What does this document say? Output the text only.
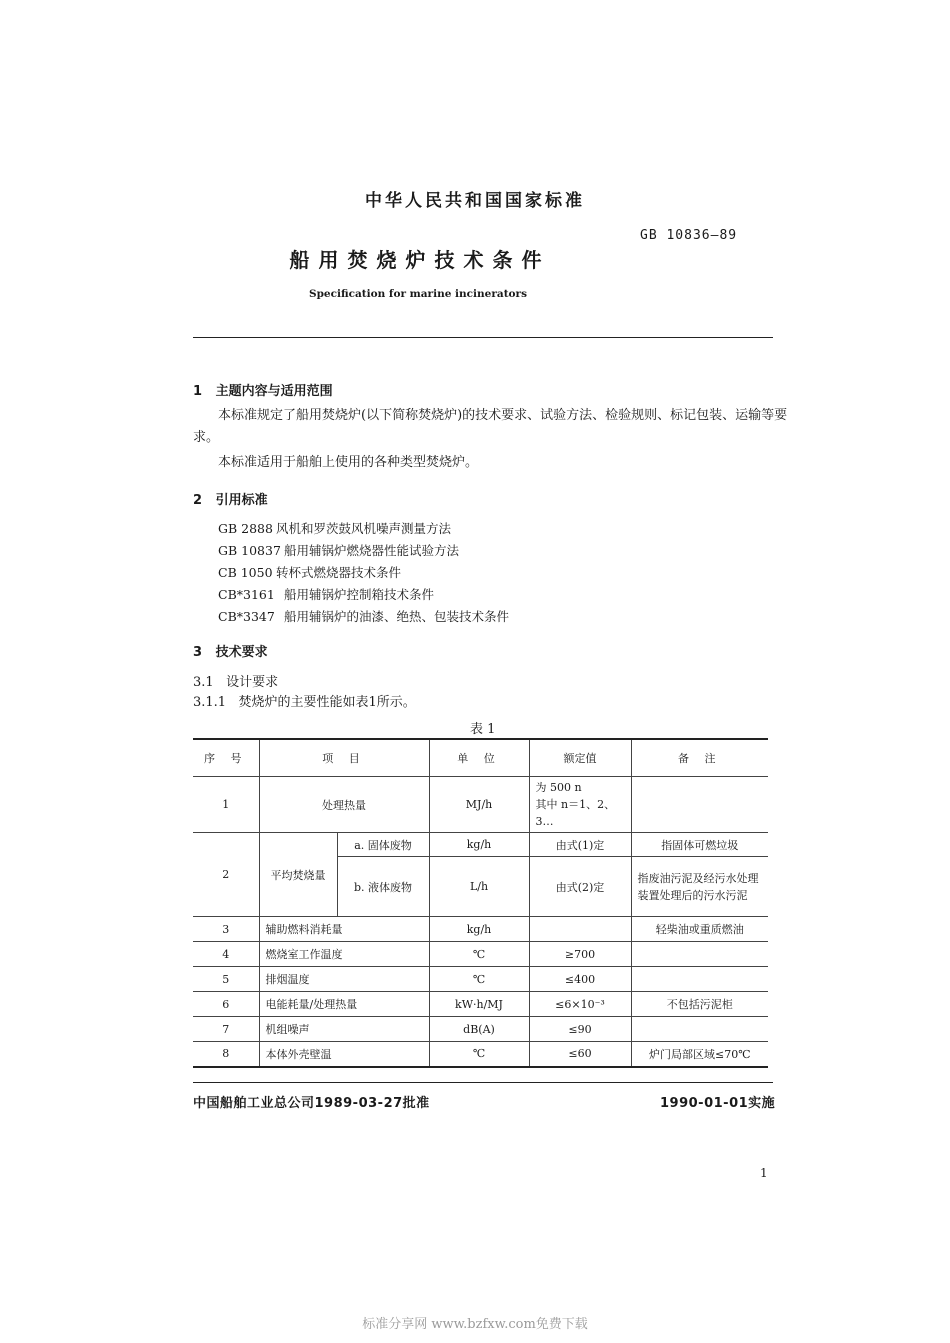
中华人民共和国国家标准
GB 10836—89
船用焚烧炉技术条件
Specification for marine incinerators
1 主题内容与适用范围
本标准规定了船用焚烧炉(以下简称焚烧炉)的技术要求、试验方法、检验规则、标记包装、运输等要
求。
本标准适用于船舶上使用的各种类型焚烧炉。
2 引用标准
GB 2888 风机和罗茨鼓风机噪声测量方法
GB 10837 船用辅锅炉燃烧器性能试验方法
CB 1050 转杯式燃烧器技术条件
CB*3161 船用辅锅炉控制箱技术条件
CB*3347 船用辅锅炉的油漆、绝热、包装技术条件
3 技术要求
3.1 设计要求
3.1.1 焚烧炉的主要性能如表1所示。
表 1
序 号	项 目		单 位	额定值	备 注
1	处理热量		MJ/h	为 500 n
其中 n＝1、2、3…	

2	平均焚烧量	a. 固体废物	kg/h	由式(1)定	指固体可燃垃圾
		b. 液体废物	L/h	由式(2)定	指废油污泥及经污水处理装置处理后的污水污泥
3	辅助燃料消耗量		kg/h		轻柴油或重质燃油
4	燃烧室工作温度		℃	≥700	
5	排烟温度		℃	≤400	
6	电能耗量/处理热量		kW·h/MJ	≤6×10⁻³	不包括污泥柜
7	机组噪声		dB(A)	≤90	
8	本体外壳壁温		℃	≤60	炉门局部区域≤70℃
中国船舶工业总公司1989-03-27批准	1990-01-01实施
1
标准分享网 www.bzfxw.com免费下载
